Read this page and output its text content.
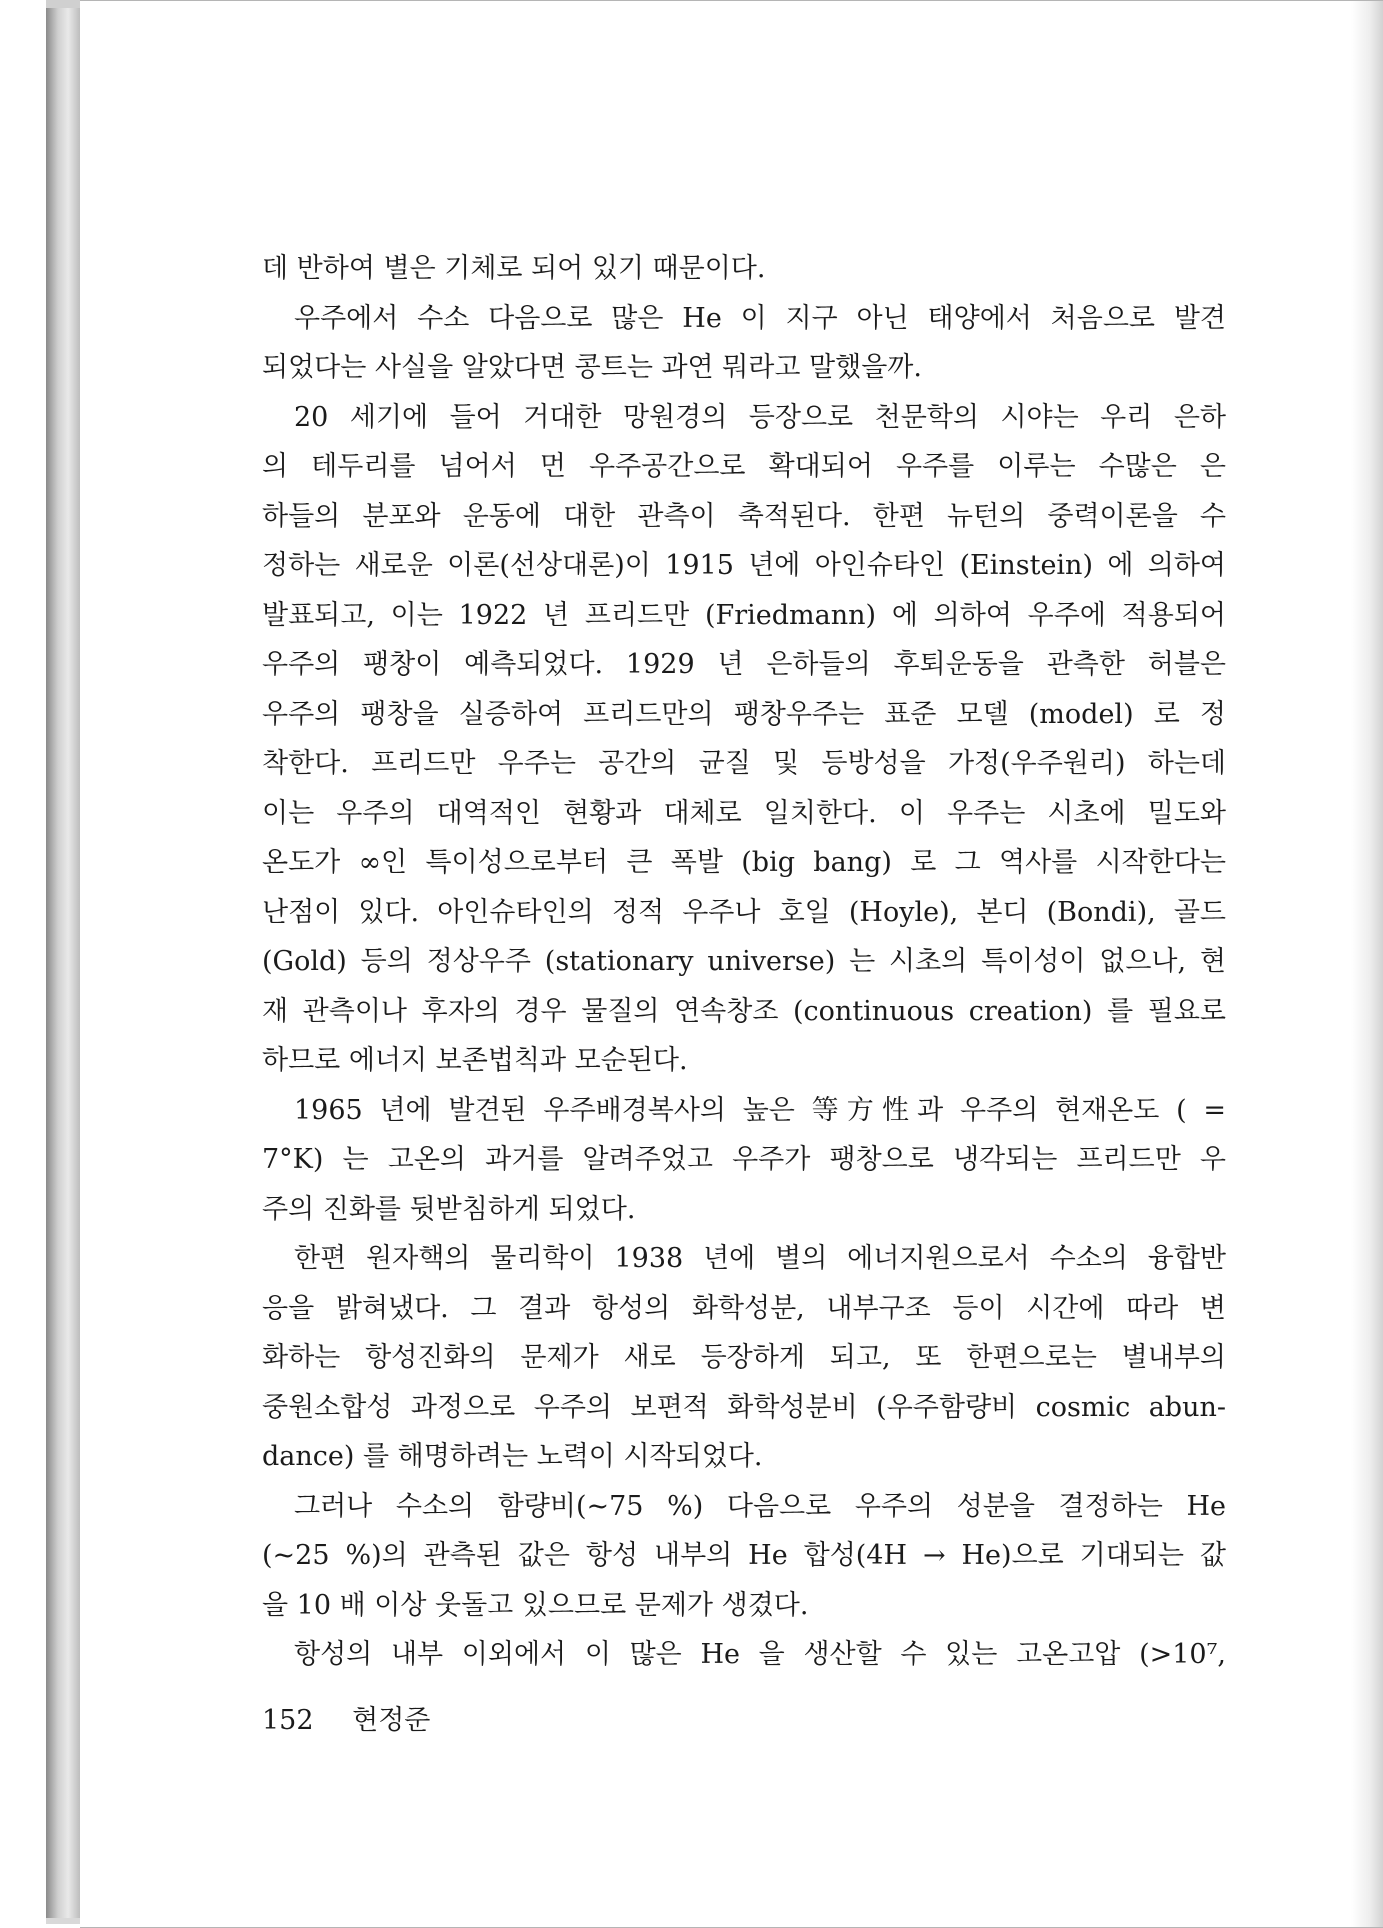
데 반하여 별은 기체로 되어 있기 때문이다.
우주에서 수소 다음으로 많은 He 이 지구 아닌 태양에서 처음으로 발견
되었다는 사실을 알았다면 콩트는 과연 뭐라고 말했을까.
20 세기에 들어 거대한 망원경의 등장으로 천문학의 시야는 우리 은하
의 테두리를 넘어서 먼 우주공간으로 확대되어 우주를 이루는 수많은 은
하들의 분포와 운동에 대한 관측이 축적된다. 한편 뉴턴의 중력이론을 수
정하는 새로운 이론(선상대론)이 1915 년에 아인슈타인 (Einstein) 에 의하여
발표되고, 이는 1922 년 프리드만 (Friedmann) 에 의하여 우주에 적용되어
우주의 팽창이 예측되었다. 1929 년 은하들의 후퇴운동을 관측한 허블은
우주의 팽창을 실증하여 프리드만의 팽창우주는 표준 모델 (model) 로 정
착한다. 프리드만 우주는 공간의 균질 및 등방성을 가정(우주원리) 하는데
이는 우주의 대역적인 현황과 대체로 일치한다. 이 우주는 시초에 밀도와
온도가 ∞인 특이성으로부터 큰 폭발 (big bang) 로 그 역사를 시작한다는
난점이 있다. 아인슈타인의 정적 우주나 호일 (Hoyle), 본디 (Bondi), 골드
(Gold) 등의 정상우주 (stationary universe) 는 시초의 특이성이 없으나, 현
재 관측이나 후자의 경우 물질의 연속창조 (continuous creation) 를 필요로
하므로 에너지 보존법칙과 모순된다.
1965 년에 발견된 우주배경복사의 높은 等方性과 우주의 현재온도 ( =
7°K) 는 고온의 과거를 알려주었고 우주가 팽창으로 냉각되는 프리드만 우
주의 진화를 뒷받침하게 되었다.
한편 원자핵의 물리학이 1938 년에 별의 에너지원으로서 수소의 융합반
응을 밝혀냈다. 그 결과 항성의 화학성분, 내부구조 등이 시간에 따라 변
화하는 항성진화의 문제가 새로 등장하게 되고, 또 한편으로는 별내부의
중원소합성 과정으로 우주의 보편적 화학성분비 (우주함량비 cosmic abun-
dance) 를 해명하려는 노력이 시작되었다.
그러나 수소의 함량비(~75 %) 다음으로 우주의 성분을 결정하는 He
(~25 %)의 관측된 값은 항성 내부의 He 합성(4H → He)으로 기대되는 값
을 10 배 이상 웃돌고 있으므로 문제가 생겼다.
항성의 내부 이외에서 이 많은 He 을 생산할 수 있는 고온고압 (>10⁷,
152 현정준
